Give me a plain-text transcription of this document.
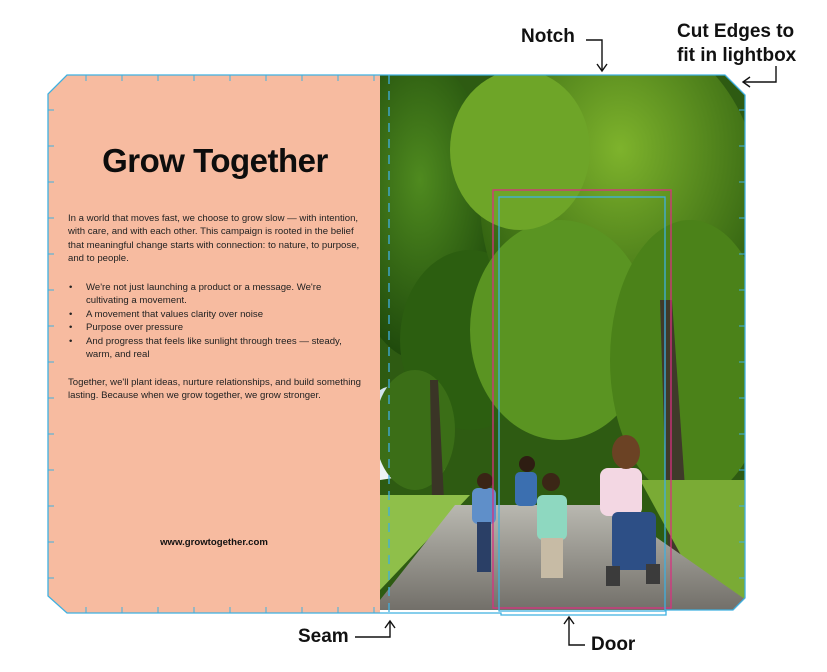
Grow Together
In a world that moves fast, we choose to grow slow — with intention, with care, and with each other. This campaign is rooted in the belief that meaningful change starts with connection: to nature, to purpose, and to people.
• We're not just launching a product or a message. We're cultivating a movement.
• A movement that values clarity over noise
• Purpose over pressure
• And progress that feels like sunlight through trees — steady, warm, and real
Together, we'll plant ideas, nurture relationships, and build something lasting. Because when we grow together, we grow stronger.
www.growtogether.com
Notch	Cut Edges to
fit in lightbox
Seam	Door
